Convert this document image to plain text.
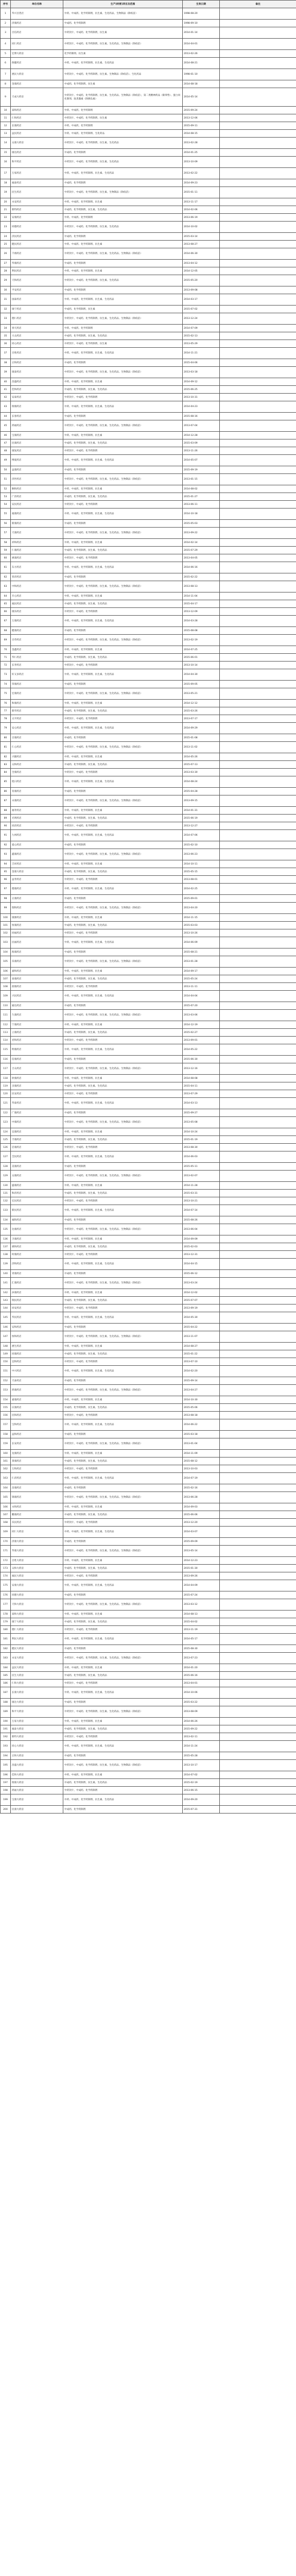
序号	单位名称	生产(经营)项目及范围	生效日期	备注
1	华兴百货店	中药、中成药、化学药制剂，抗生素、生化药品、生物制品（除疫苗）	1998-08-20	
2	济康药店	中成药、化学药制剂	1998-09-10	
3	百信药店	中药饮片、中成药、化学药制剂，抗生素	2014-01-14	
4	同仁药店	中药饮片、中成药、化学药制剂、抗生素、生化药品，生物制品（除疫苗）	2014-04-01	
5	宏博大药房	化学药制剂、抗生素	2013-02-26	
6	保健药店	中药、中成药、化学药制剂、抗生素、生化药品	2014-08-21	
7	惠民大药房	中药饮片、中成药、化学药制剂、抗生素、生物制品（除疫苗）、生化药品	1998-01-10	
8	金康药店	中成药、化学药制剂、抗生素	2014-08-18	
9	天成大药房	中药饮片、中成药、化学药制剂、抗生素、生化药品、生物制品（除疫苗），第二类精神药品（限零售）、蛋白同化制剂、肽类激素（除胰岛素）	2014-05-14	
10	泰和药店	中药、中成药、化学药制剂	2015-09-24	
11	仁和药店	中药饮片、中成药、化学药制剂、抗生素	2013-12-06	
12	长康药店	中药、中成药、化学药制剂	2015-09-11	
13	益民药店	中药、中成药、化学药制剂、生化药品	2014-08-15	
14	众康大药房	中药饮片、中成药、化学药制剂、抗生素、生化药品	2013-02-28	
15	康达药店	中成药、化学药制剂	2014-01-25	
16	和平药店	中药饮片、中成药、化学药制剂、抗生素、生化药品	2013-10-09	
17	万家药店	中药、中成药、化学药制剂、抗生素、生化药品	2013-02-22	
18	福泰药店	中成药、化学药制剂	2014-09-23	
19	民生药店	中药饮片、中成药、化学药制剂、抗生素、生物制品（除疫苗）	2015-01-11	
20	永安药店	中药、中成药、化学药制剂、抗生素	2013-11-17	
21	新特药店	中成药、化学药制剂、抗生素、生化药品	2014-02-06	
22	安康药店	中药、中成药、化学药制剂	2013-06-19	
23	同德药店	中药饮片、中成药、化学药制剂、抗生素、生化药品	2014-10-02	
24	济民药店	中成药、化学药制剂	2015-03-14	
25	健民药店	中药、中成药、化学药制剂、抗生素	2013-08-27	
26	千禧药店	中药饮片、中成药、化学药制剂、抗生素、生化药品、生物制品（除疫苗）	2014-06-30	
27	华康药店	中成药、化学药制剂	2013-04-12	
28	利民药店	中药、中成药、化学药制剂、抗生素	2014-12-05	
29	天和药店	中药饮片、中成药、化学药制剂、抗生素、生化药品	2015-05-20	
30	平安药店	中成药、化学药制剂	2013-09-08	
31	国泰药店	中药、中成药、化学药制剂、抗生素、生化药品	2014-03-17	
32	康宁药店	中成药、化学药制剂、抗生素	2015-07-02	
33	德仁药店	中药饮片、中成药、化学药制剂、抗生素、生化药品、生物制品（除疫苗）	2013-12-24	
34	春天药店	中药、中成药、化学药制剂	2014-07-09	
35	大众药店	中成药、化学药制剂、抗生素、生化药品	2015-02-13	
36	同心药店	中药饮片、中成药、化学药制剂、抗生素	2013-05-29	
37	百姓药店	中药、中成药、化学药制剂、抗生素、生化药品	2014-11-21	
38	正和药店	中成药、化学药制剂	2015-04-06	
39	康泰药店	中药饮片、中成药、化学药制剂、抗生素、生化药品、生物制品（除疫苗）	2013-03-18	
40	昌盛药店	中药、中成药、化学药制剂、抗生素	2014-09-12	
41	佳和药店	中成药、化学药制剂、抗生素、生化药品	2015-06-25	
42	安泰药店	中药饮片、中成药、化学药制剂	2013-10-31	
43	瑞康药店	中药、中成药、化学药制剂、抗生素、生化药品	2014-04-23	
44	长春药店	中成药、化学药制剂	2015-08-16	
45	鸿福药店	中药饮片、中成药、化学药制剂、抗生素、生化药品、生物制品（除疫苗）	2013-07-04	
46	宝康药店	中药、中成药、化学药制剂、抗生素	2014-12-28	
47	民康药店	中成药、化学药制剂、抗生素、生化药品	2015-03-09	
48	康复药店	中药饮片、中成药、化学药制剂	2013-11-26	
49	博爱药店	中药、中成药、化学药制剂、抗生素、生化药品	2014-05-07	
50	益康药店	中成药、化学药制剂	2015-09-19	
51	济世药店	中药饮片、中成药、化学药制剂、抗生素、生化药品、生物制品（除疫苗）	2013-01-15	
52	顺和药店	中药、中成药、化学药制剂、抗生素	2014-08-02	
53	广济药店	中成药、化学药制剂、抗生素、生化药品	2015-01-27	
54	安民药店	中药饮片、中成药、化学药制剂	2013-06-11	
55	福康药店	中药、中成药、化学药制剂、抗生素、生化药品	2014-10-18	
56	新康药店	中成药、化学药制剂	2015-05-03	
57	天康药店	中药饮片、中成药、化学药制剂、抗生素、生化药品、生物制品（除疫苗）	2013-09-22	
58	祥和药店	中药、中成药、化学药制剂、抗生素	2014-02-14	
59	仁康药店	中成药、化学药制剂、抗生素、生化药品	2015-07-29	
60	惠康药店	中药饮片、中成药、化学药制剂	2013-04-05	
61	东方药店	中药、中成药、化学药制剂、抗生素、生化药品	2014-06-16	
62	普济药店	中成药、化学药制剂	2015-02-22	
63	中和药店	中药饮片、中成药、化学药制剂、抗生素、生化药品、生物制品（除疫苗）	2013-08-13	
64	开心药店	中药、中成药、化学药制剂、抗生素	2014-11-04	
65	福民药店	中成药、化学药制剂、抗生素、生化药品	2015-04-17	
66	康乐药店	中药饮片、中成药、化学药制剂	2013-12-09	
67	万康药店	中药、中成药、化学药制剂、抗生素、生化药品	2014-03-28	
68	健康药店	中成药、化学药制剂	2015-08-08	
69	百草药店	中药饮片、中成药、化学药制剂、抗生素、生化药品、生物制品（除疫苗）	2013-02-19	
70	金鑫药店	中药、中成药、化学药制剂、抗生素	2014-07-25	
71	华仁药店	中成药、化学药制剂、抗生素、生化药品	2015-06-01	
72	长寿药店	中药饮片、中成药、化学药制剂	2013-10-14	
73	好又多药店	中药、中成药、化学药制剂、抗生素、生化药品	2014-04-30	
74	荣康药店	中成药、化学药制剂	2015-09-05	
75	宏康药店	中药饮片、中成药、化学药制剂、抗生素、生化药品、生物制品（除疫苗）	2013-05-21	
76	和康药店	中药、中成药、化学药制剂、抗生素	2014-12-12	
77	新华药店	中成药、化学药制剂、抗生素、生化药品	2015-03-26	
78	太平药店	中药饮片、中成药、化学药制剂	2013-07-17	
79	安心药店	中药、中成药、化学药制剂、抗生素、生化药品	2014-09-29	
80	百康药店	中成药、化学药制剂	2015-01-08	
81	仁心药店	中药饮片、中成药、化学药制剂、抗生素、生化药品、生物制品（除疫苗）	2013-11-02	
82	兴隆药店	中药、中成药、化学药制剂、抗生素	2014-05-26	
83	众和药店	中成药、化学药制剂、抗生素、生化药品	2015-07-13	
84	全康药店	中药饮片、中成药、化学药制剂	2013-03-30	
85	旭日药店	中药、中成药、化学药制剂、抗生素、生化药品	2014-08-24	
86	育康药店	中成药、化学药制剂	2015-04-28	
87	永康药店	中药饮片、中成药、化学药制剂、抗生素、生化药品、生物制品（除疫苗）	2013-09-15	
88	福寿药店	中药、中成药、化学药制剂、抗生素	2014-01-31	
89	光明药店	中成药、化学药制剂、抗生素、生化药品	2015-06-19	
90	同济药店	中药饮片、中成药、化学药制剂	2013-12-27	
91	九州药店	中药、中成药、化学药制剂、抗生素、生化药品	2014-07-06	
92	爱心药店	中成药、化学药制剂	2015-02-10	
93	鑫康药店	中药饮片、中成药、化学药制剂、抗生素、生化药品、生物制品（除疫苗）	2013-06-23	
94	吉祥药店	中药、中成药、化学药制剂、抗生素	2014-10-11	
95	金康大药房	中成药、化学药制剂、抗生素、生化药品	2015-05-15	
96	益寿药店	中药饮片、中成药、化学药制剂	2013-08-01	
97	德康药店	中药、中成药、化学药制剂、抗生素、生化药品	2014-02-25	
98	正康药店	中成药、化学药制剂	2015-09-01	
99	瑞和药店	中药饮片、中成药、化学药制剂、抗生素、生化药品、生物制品（除疫苗）	2013-04-20	
100	康源药店	中药、中成药、化学药制剂、抗生素	2014-11-15	
101	恒康药店	中成药、化学药制剂、抗生素、生化药品	2015-03-03	
102	同福药店	中药饮片、中成药、化学药制剂	2013-10-26	
103	民福药店	中药、中成药、化学药制剂、抗生素、生化药品	2014-06-09	
104	海康药店	中成药、化学药制剂	2015-08-21	
105	乐康药店	中药饮片、中成药、化学药制剂、抗生素、生化药品、生物制品（除疫苗）	2013-01-28	
106	嘉和药店	中药、中成药、化学药制剂、抗生素	2014-09-17	
107	泰康药店	中成药、化学药制剂、抗生素、生化药品	2015-05-24	
108	润康药店	中药饮片、中成药、化学药制剂	2013-11-11	
109	兴民药店	中药、中成药、化学药制剂、抗生素、生化药品	2014-04-04	
110	通达药店	中成药、化学药制剂	2015-07-20	
111	久康药店	中药饮片、中成药、化学药制剂、抗生素、生化药品、生物制品（除疫苗）	2013-03-06	
112	宁康药店	中药、中成药、化学药制剂、抗生素	2014-12-19	
113	立康药店	中成药、化学药制剂、抗生素、生化药品	2015-02-27	
114	君和药店	中药饮片、中成药、化学药制剂	2013-09-01	
115	明康药店	中药、中成药、化学药制剂、抗生素、生化药品	2014-05-22	
116	信康药店	中成药、化学药制剂	2015-06-30	
117	合众药店	中药饮片、中成药、化学药制剂、抗生素、生化药品、生物制品（除疫苗）	2013-12-16	
118	欣康药店	中药、中成药、化学药制剂、抗生素	2014-08-08	
119	圣康药店	中成药、化学药制剂、抗生素、生化药品	2015-04-11	
120	民安药店	中药饮片、中成药、化学药制剂	2013-07-29	
121	华泰药店	中药、中成药、化学药制剂、抗生素、生化药品	2014-03-13	
122	广康药店	中成药、化学药制剂	2015-09-27	
123	中康药店	中药饮片、中成药、化学药制剂、抗生素、生化药品、生物制品（除疫苗）	2013-05-08	
124	宜康药店	中药、中成药、化学药制剂、抗生素	2014-10-24	
125	丰康药店	中成药、化学药制剂、抗生素、生化药品	2015-01-19	
126	启康药店	中药饮片、中成药、化学药制剂	2013-08-30	
127	全民药店	中药、中成药、化学药制剂、抗生素、生化药品	2014-06-03	
128	美康药店	中成药、化学药制剂	2015-05-11	
129	众康药店	中药饮片、中成药、化学药制剂、抗生素、生化药品、生物制品（除疫苗）	2013-02-07	
130	盛康药店	中药、中成药、化学药制剂、抗生素	2014-11-28	
131	和济药店	中成药、化学药制剂、抗生素、生化药品	2015-03-31	
132	宏民药店	中药饮片、中成药、化学药制剂	2013-10-21	
133	新民药店	中药、中成药、化学药制剂、抗生素、生化药品	2014-07-14	
134	福和药店	中成药、化学药制剂	2015-08-26	
135	达康药店	中药饮片、中成药、化学药制剂、抗生素、生化药品、生物制品（除疫苗）	2013-06-04	
136	卫康药店	中药、中成药、化学药制剂、抗生素	2014-09-09	
137	惠和药店	中成药、化学药制剂、抗生素、生化药品	2015-02-03	
138	时康药店	中药饮片、中成药、化学药制剂	2013-12-31	
139	济和药店	中药、中成药、化学药制剂、抗生素、生化药品	2014-04-15	
140	青康药店	中成药、化学药制剂	2015-06-12	
141	汇康药店	中药饮片、中成药、化学药制剂、抗生素、生化药品、生物制品（除疫苗）	2013-03-24	
142	沐康药店	中药、中成药、化学药制剂、抗生素	2014-12-02	
143	瑞民药店	中成药、化学药制剂、抗生素、生化药品	2015-07-07	
144	同安药店	中药饮片、中成药、化学药制剂	2013-09-19	
145	华民药店	中药、中成药、化学药制剂、抗生素、生化药品	2014-05-30	
146	安和药店	中成药、化学药制剂	2015-04-22	
147	恒和药店	中药饮片、中成药、化学药制剂、抗生素、生化药品、生物制品（除疫苗）	2013-11-07	
148	惠生药店	中药、中成药、化学药制剂、抗生素	2014-08-27	
149	同康药店	中成药、化学药制剂、抗生素、生化药品	2015-01-22	
150	宜和药店	中药饮片、中成药、化学药制剂	2013-07-10	
151	中兴药店	中药、中成药、化学药制剂、抗生素、生化药品	2014-02-20	
152	天泰药店	中成药、化学药制剂	2015-09-14	
153	鸿康药店	中药饮片、中成药、化学药制剂、抗生素、生化药品、生物制品（除疫苗）	2013-04-27	
154	嘉康药店	中药、中成药、化学药制剂、抗生素	2014-10-30	
155	庆康药店	中成药、化学药制剂、抗生素、生化药品	2015-05-06	
156	民和药店	中药饮片、中成药、化学药制剂	2013-08-18	
157	宝和药店	中药、中成药、化学药制剂、抗生素、生化药品	2014-06-22	
158	益和药店	中成药、化学药制剂	2015-03-18	
159	长安药店	中药饮片、中成药、化学药制剂、抗生素、生化药品、生物制品（除疫苗）	2013-01-04	
160	龙康药店	中药、中成药、化学药制剂、抗生素	2014-11-09	
161	景康药店	中成药、化学药制剂、抗生素、生化药品	2015-08-12	
162	万和药店	中药饮片、中成药、化学药制剂	2013-10-03	
163	仁济药店	中药、中成药、化学药制剂、抗生素、生化药品	2014-07-19	
164	昌康药店	中成药、化学药制剂	2015-02-16	
165	锦康药店	中药饮片、中成药、化学药制剂、抗生素、生化药品、生物制品（除疫苗）	2013-06-28	
166	永和药店	中药、中成药、化学药制剂、抗生素	2014-09-03	
167	鹏康药店	中成药、化学药制剂、抗生素、生化药品	2015-06-06	
168	乐民药店	中药饮片、中成药、化学药制剂	2013-12-20	
169	同仁大药房	中药、中成药、化学药制剂、抗生素、生化药品	2014-03-07	
170	济康大药房	中成药、化学药制剂	2015-09-09	
171	华康大药房	中药饮片、中成药、化学药制剂、抗生素、生化药品、生物制品（除疫苗）	2013-05-14	
172	百姓大药房	中药、中成药、化学药制剂、抗生素	2014-12-23	
173	众和大药房	中成药、化学药制剂、抗生素、生化药品	2015-01-30	
174	福民大药房	中药饮片、中成药、化学药制剂	2013-09-26	
175	安康大药房	中药、中成药、化学药制剂、抗生素、生化药品	2014-04-09	
176	同德大药房	中成药、化学药制剂	2015-07-24	
177	天和大药房	中药饮片、中成药、化学药制剂、抗生素、生化药品、生物制品（除疫苗）	2013-03-12	
178	泰和大药房	中药、中成药、化学药制剂、抗生素	2014-08-13	
179	康宁大药房	中成药、化学药制剂、抗生素、生化药品	2015-04-02	
180	德仁大药房	中药饮片、中成药、化学药制剂	2013-11-19	
181	利民大药房	中药、中成药、化学药制剂、抗生素、生化药品	2014-05-17	
182	健民大药房	中成药、化学药制剂	2015-08-30	
183	永安大药房	中药饮片、中成药、化学药制剂、抗生素、生化药品、生物制品（除疫苗）	2013-07-23	
184	益民大药房	中药、中成药、化学药制剂、抗生素	2014-01-20	
185	民生大药房	中成药、化学药制剂、抗生素、生化药品	2015-06-16	
186	仁和大药房	中药饮片、中成药、化学药制剂	2013-04-01	
187	长康大药房	中药、中成药、化学药制剂、抗生素、生化药品	2014-10-06	
188	康达大药房	中成药、化学药制剂	2015-03-22	
189	和平大药房	中药饮片、中成药、化学药制剂、抗生素、生化药品、生物制品（除疫苗）	2013-08-09	
190	万家大药房	中药、中成药、化学药制剂、抗生素	2014-06-26	
191	福泰大药房	中成药、化学药制剂、抗生素、生化药品	2015-09-22	
192	新特大药房	中药饮片、中成药、化学药制剂	2013-02-11	
193	同心大药房	中药、中成药、化学药制剂、抗生素、生化药品	2014-11-24	
194	正和大药房	中成药、化学药制剂	2015-05-28	
195	昌盛大药房	中药饮片、中成药、化学药制剂、抗生素、生化药品、生物制品（除疫苗）	2013-10-17	
196	佳和大药房	中药、中成药、化学药制剂、抗生素	2014-07-02	
197	瑞康大药房	中成药、化学药制剂、抗生素、生化药品	2015-02-19	
198	鸿福大药房	中药饮片、中成药、化学药制剂	2013-06-15	
199	宝康大药房	中药、中成药、化学药制剂、抗生素、生化药品	2014-09-20	
200	民康大药房	中成药、化学药制剂	2015-07-31	
